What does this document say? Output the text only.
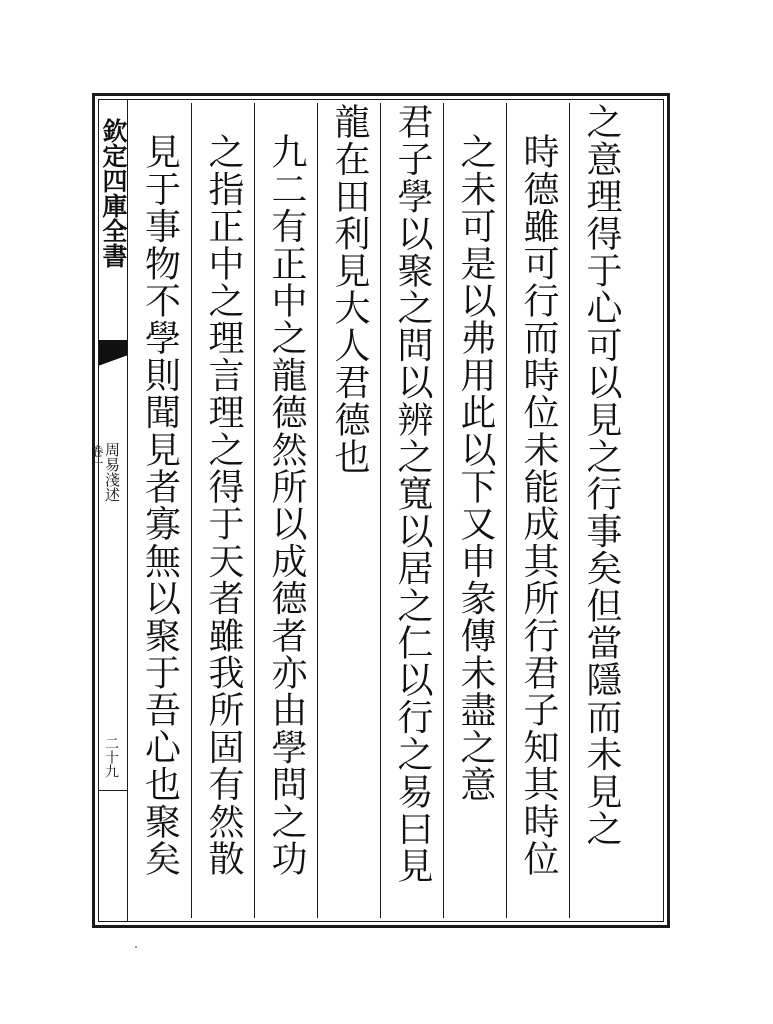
欽定四庫全書
卷一 周易淺述
二十九 見于事物不學則聞見者寡無以聚于吾心也聚矣 之指正中之理言理之得于天者雖我所固有然散 九二有正中之龍德然所以成德者亦由學問之功 龍在田利見大人君德也 君子學以聚之問以辨之寬以居之仁以行之易曰見 之未可是以弗用此以下又申彖傳未盡之意 時德雖可行而時位未能成其所行君子知其時位 之意理得于心可以見之行事矣但當隱而未見之
